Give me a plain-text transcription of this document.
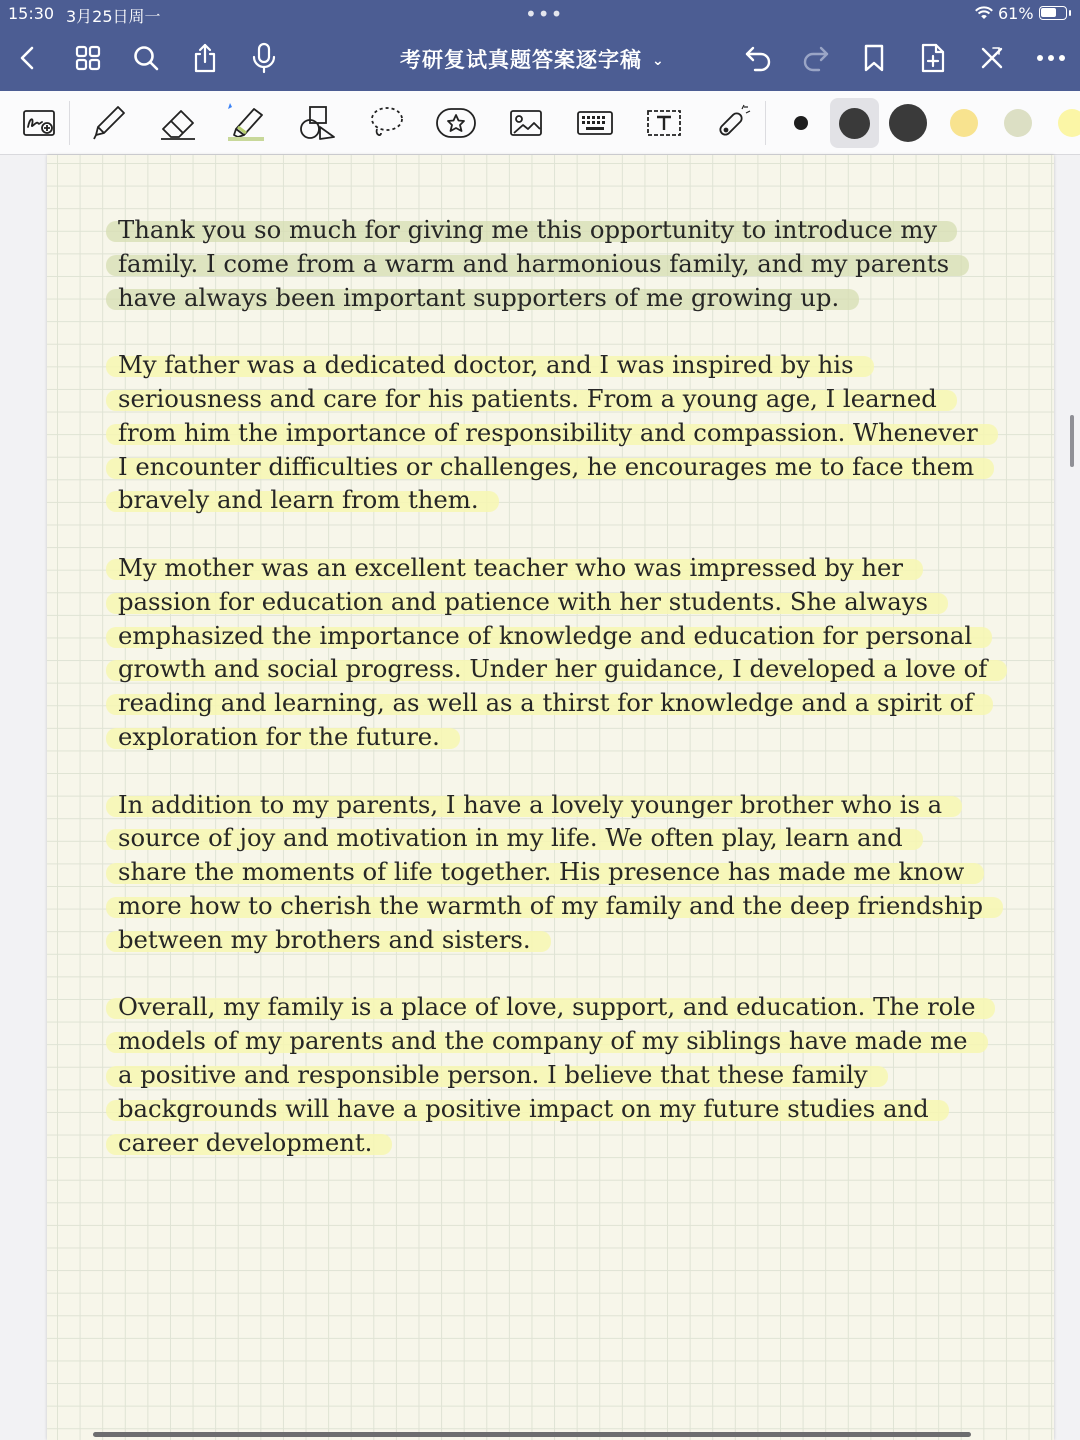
15:30 3月25日周一	•••	61%
考研复试真题答案逐字稿 ⌄
Thank you so much for giving me this opportunity to introduce my
family. I come from a warm and harmonious family, and my parents
have always been important supporters of me growing up.
My father was a dedicated doctor, and I was inspired by his
seriousness and care for his patients. From a young age, I learned
from him the importance of responsibility and compassion. Whenever
I encounter difficulties or challenges, he encourages me to face them
bravely and learn from them.
My mother was an excellent teacher who was impressed by her
passion for education and patience with her students. She always
emphasized the importance of knowledge and education for personal
growth and social progress. Under her guidance, I developed a love of
reading and learning, as well as a thirst for knowledge and a spirit of
exploration for the future.
In addition to my parents, I have a lovely younger brother who is a
source of joy and motivation in my life. We often play, learn and
share the moments of life together. His presence has made me know
more how to cherish the warmth of my family and the deep friendship
between my brothers and sisters.
Overall, my family is a place of love, support, and education. The role
models of my parents and the company of my siblings have made me
a positive and responsible person. I believe that these family
backgrounds will have a positive impact on my future studies and
career development.
